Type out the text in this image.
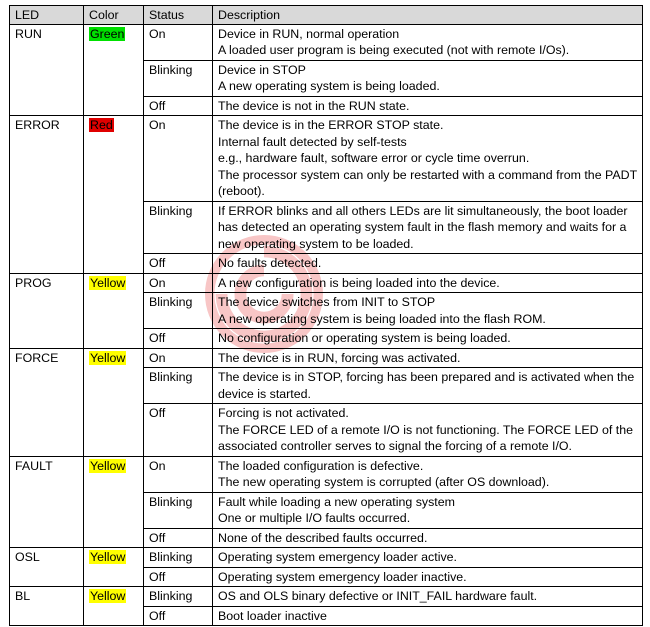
LED	Color	Status	Description
RUN	Green	On	Device in RUN, normal operation
A loaded user program is being executed (not with remote I/Os).

		Blinking	Device in STOP
A new operating system is being loaded.

		Off	The device is not in the RUN state.

ERROR	Red	On	The device is in the ERROR STOP state.
Internal fault detected by self-tests
e.g., hardware fault, software error or cycle time overrun.
The processor system can only be restarted with a command from the PADT (reboot).

		Blinking	If ERROR blinks and all others LEDs are lit simultaneously, the boot loader has detected an operating system fault in the flash memory and waits for a new operating system to be loaded.

		Off	No faults detected.

PROG	Yellow	On	A new configuration is being loaded into the device.

		Blinking	The device switches from INIT to STOP
A new operating system is being loaded into the flash ROM.

		Off	No configuration or operating system is being loaded.

FORCE	Yellow	On	The device is in RUN, forcing was activated.

		Blinking	The device is in STOP, forcing has been prepared and is activated when the device is started.

		Off	Forcing is not activated.
The FORCE LED of a remote I/O is not functioning. The FORCE LED of the associated controller serves to signal the forcing of a remote I/O.

FAULT	Yellow	On	The loaded configuration is defective.
The new operating system is corrupted (after OS download).

		Blinking	Fault while loading a new operating system
One or multiple I/O faults occurred.

		Off	None of the described faults occurred.

OSL	Yellow	Blinking	Operating system emergency loader active.

		Off	Operating system emergency loader inactive.

BL	Yellow	Blinking	OS and OLS binary defective or INIT_FAIL hardware fault.

		Off	Boot loader inactive
